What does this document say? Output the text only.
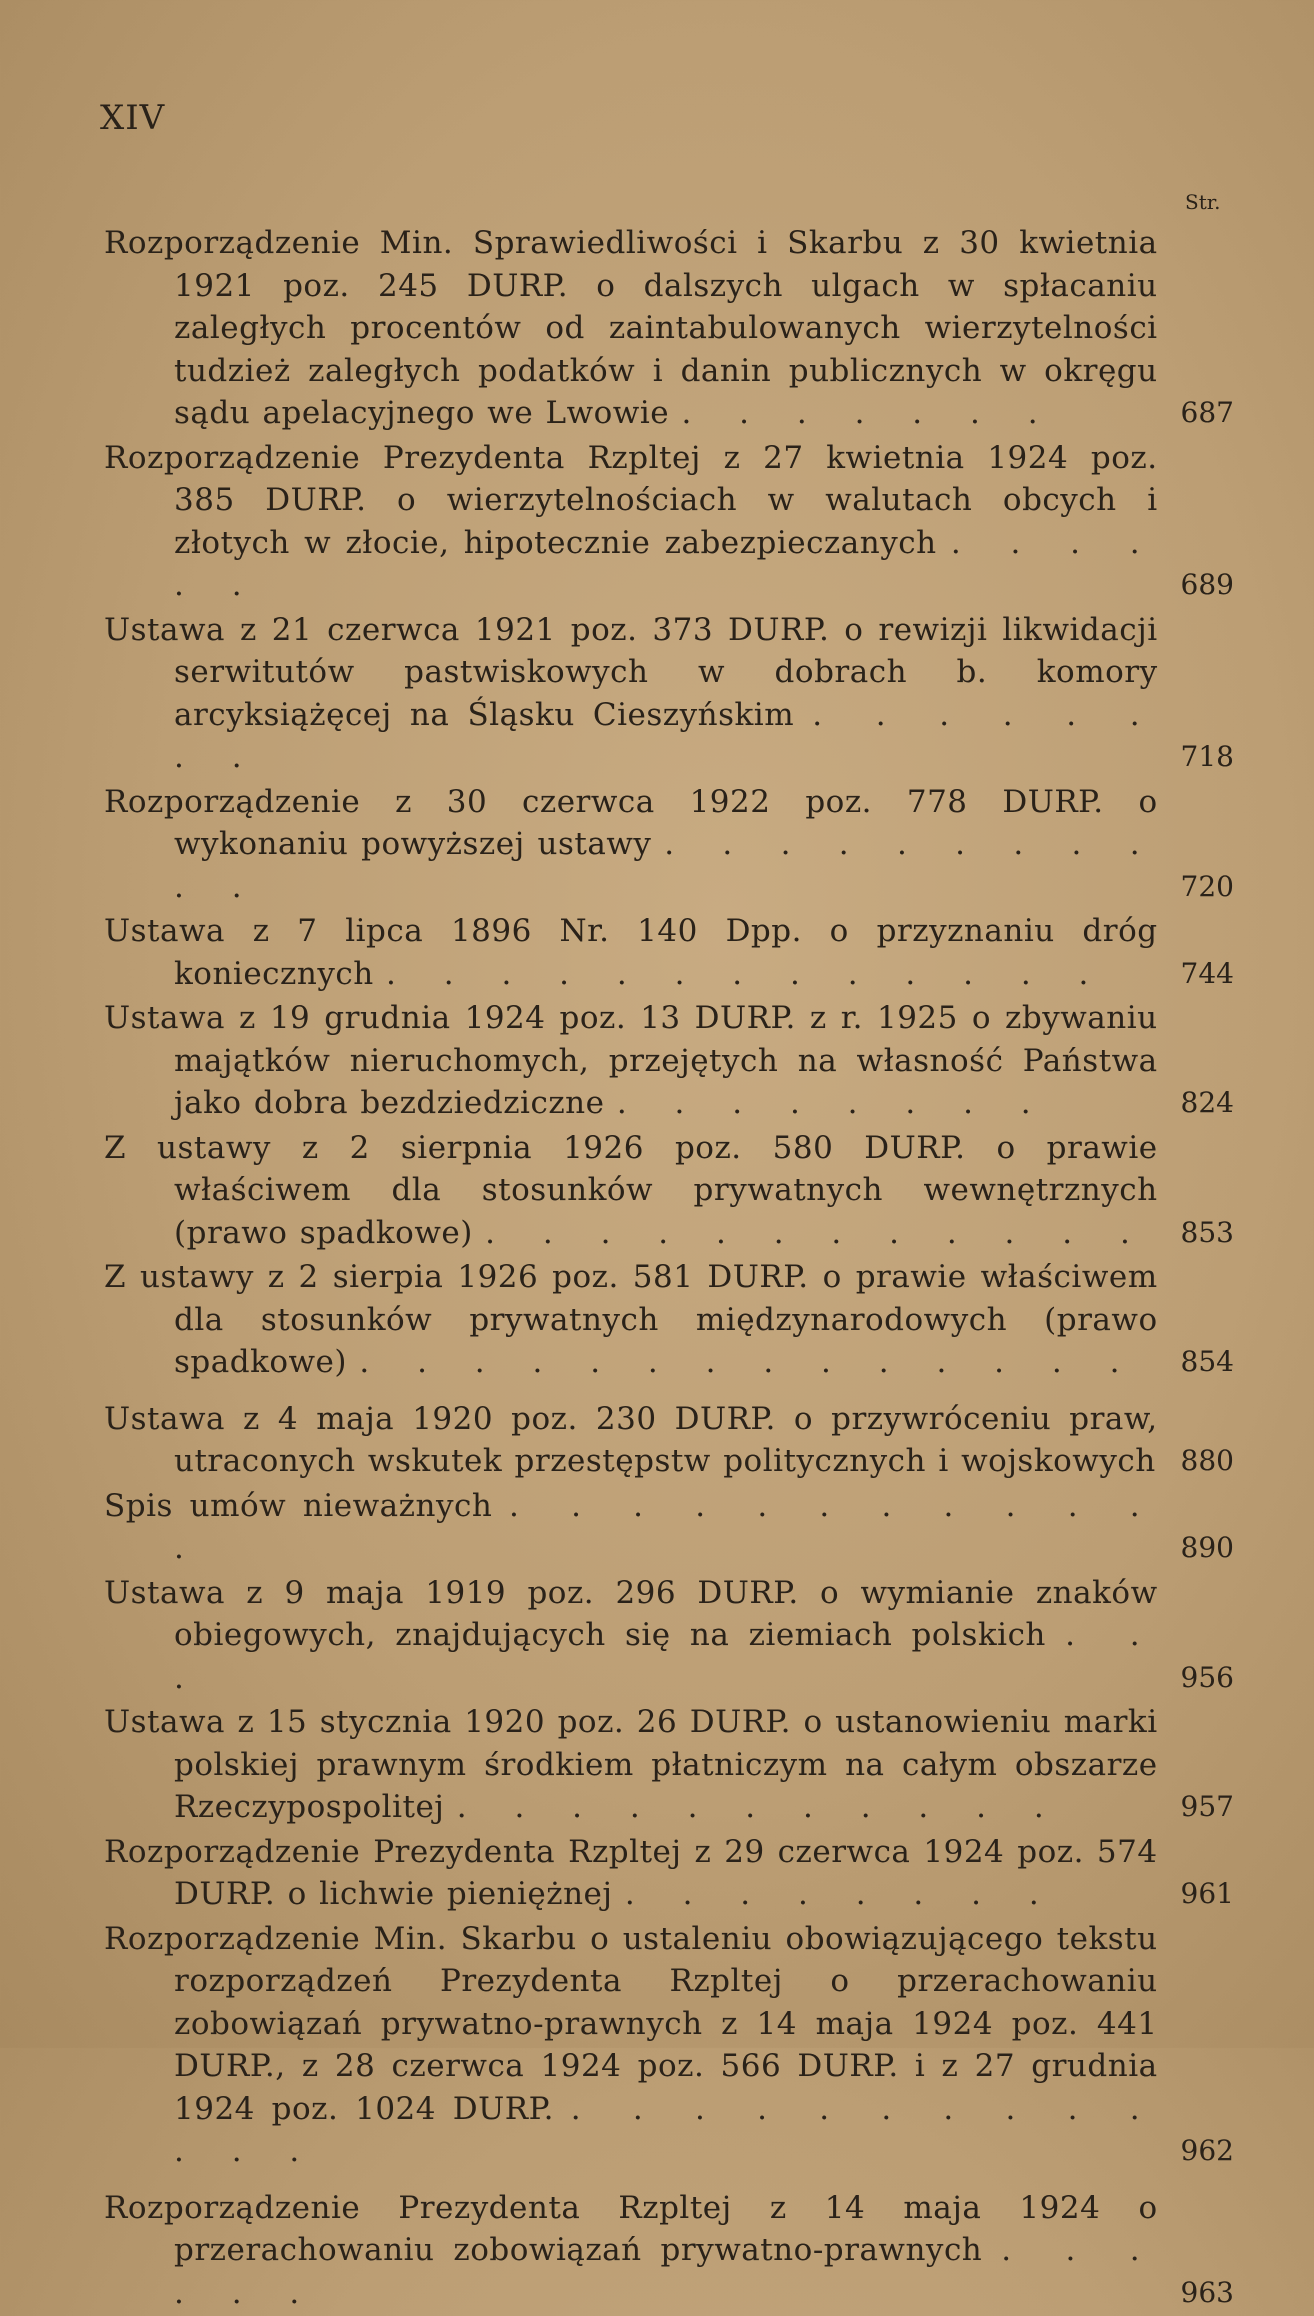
XIV
Str.
Rozporządzenie Min. Sprawiedliwości i Skarbu z 30 kwietnia 1921 poz. 245 DURP. o dalszych ulgach w spłacaniu zaległych procentów od zaintabulowanych wierzytelności tudzież zaległych podatków i danin publicznych w okręgu sądu apelacyjnego we Lwowie . . . . . . .	687
Rozporządzenie Prezydenta Rzpltej z 27 kwietnia 1924 poz. 385 DURP. o wierzytelnościach w walutach obcych i złotych w złocie, hipotecznie zabezpieczanych . . . . . .	689
Ustawa z 21 czerwca 1921 poz. 373 DURP. o rewizji likwidacji serwitutów pastwiskowych w dobrach b. komory arcyksiążęcej na Śląsku Cieszyńskim . . . . . . . .	718
Rozporządzenie z 30 czerwca 1922 poz. 778 DURP. o wykonaniu powyższej ustawy . . . . . . . . . . .	720
Ustawa z 7 lipca 1896 Nr. 140 Dpp. o przyznaniu dróg koniecznych . . . . . . . . . . . . .	744
Ustawa z 19 grudnia 1924 poz. 13 DURP. z r. 1925 o zbywaniu majątków nieruchomych, przejętych na własność Państwa jako dobra bezdziedziczne . . . . . . . .	824
Z ustawy z 2 sierpnia 1926 poz. 580 DURP. o prawie właściwem dla stosunków prywatnych wewnętrznych (prawo spadkowe) . . . . . . . . . . . .	853
Z ustawy z 2 sierpia 1926 poz. 581 DURP. o prawie właściwem dla stosunków prywatnych międzynarodowych (prawo spadkowe) . . . . . . . . . . . . . .	854
Ustawa z 4 maja 1920 poz. 230 DURP. o przywróceniu praw, utraconych wskutek przestępstw politycznych i wojskowych 880
Spis umów nieważnych . . . . . . . . . . . .	890
Ustawa z 9 maja 1919 poz. 296 DURP. o wymianie znaków obiegowych, znajdujących się na ziemiach polskich . . .	956
Ustawa z 15 stycznia 1920 poz. 26 DURP. o ustanowieniu marki polskiej prawnym środkiem płatniczym na całym obszarze Rzeczypospolitej . . . . . . . . . . .	957
Rozporządzenie Prezydenta Rzpltej z 29 czerwca 1924 poz. 574 DURP. o lichwie pieniężnej . . . . . . . .	961
Rozporządzenie Min. Skarbu o ustaleniu obowiązującego tekstu rozporządzeń Prezydenta Rzpltej o przerachowaniu zobowiązań prywatno-prawnych z 14 maja 1924 poz. 441 DURP., z 28 czerwca 1924 poz. 566 DURP. i z 27 grudnia 1924 poz. 1024 DURP. . . . . . . . . . . . . .	962
Rozporządzenie Prezydenta Rzpltej z 14 maja 1924 o przerachowaniu zobowiązań prywatno-prawnych . . . . . .	963
